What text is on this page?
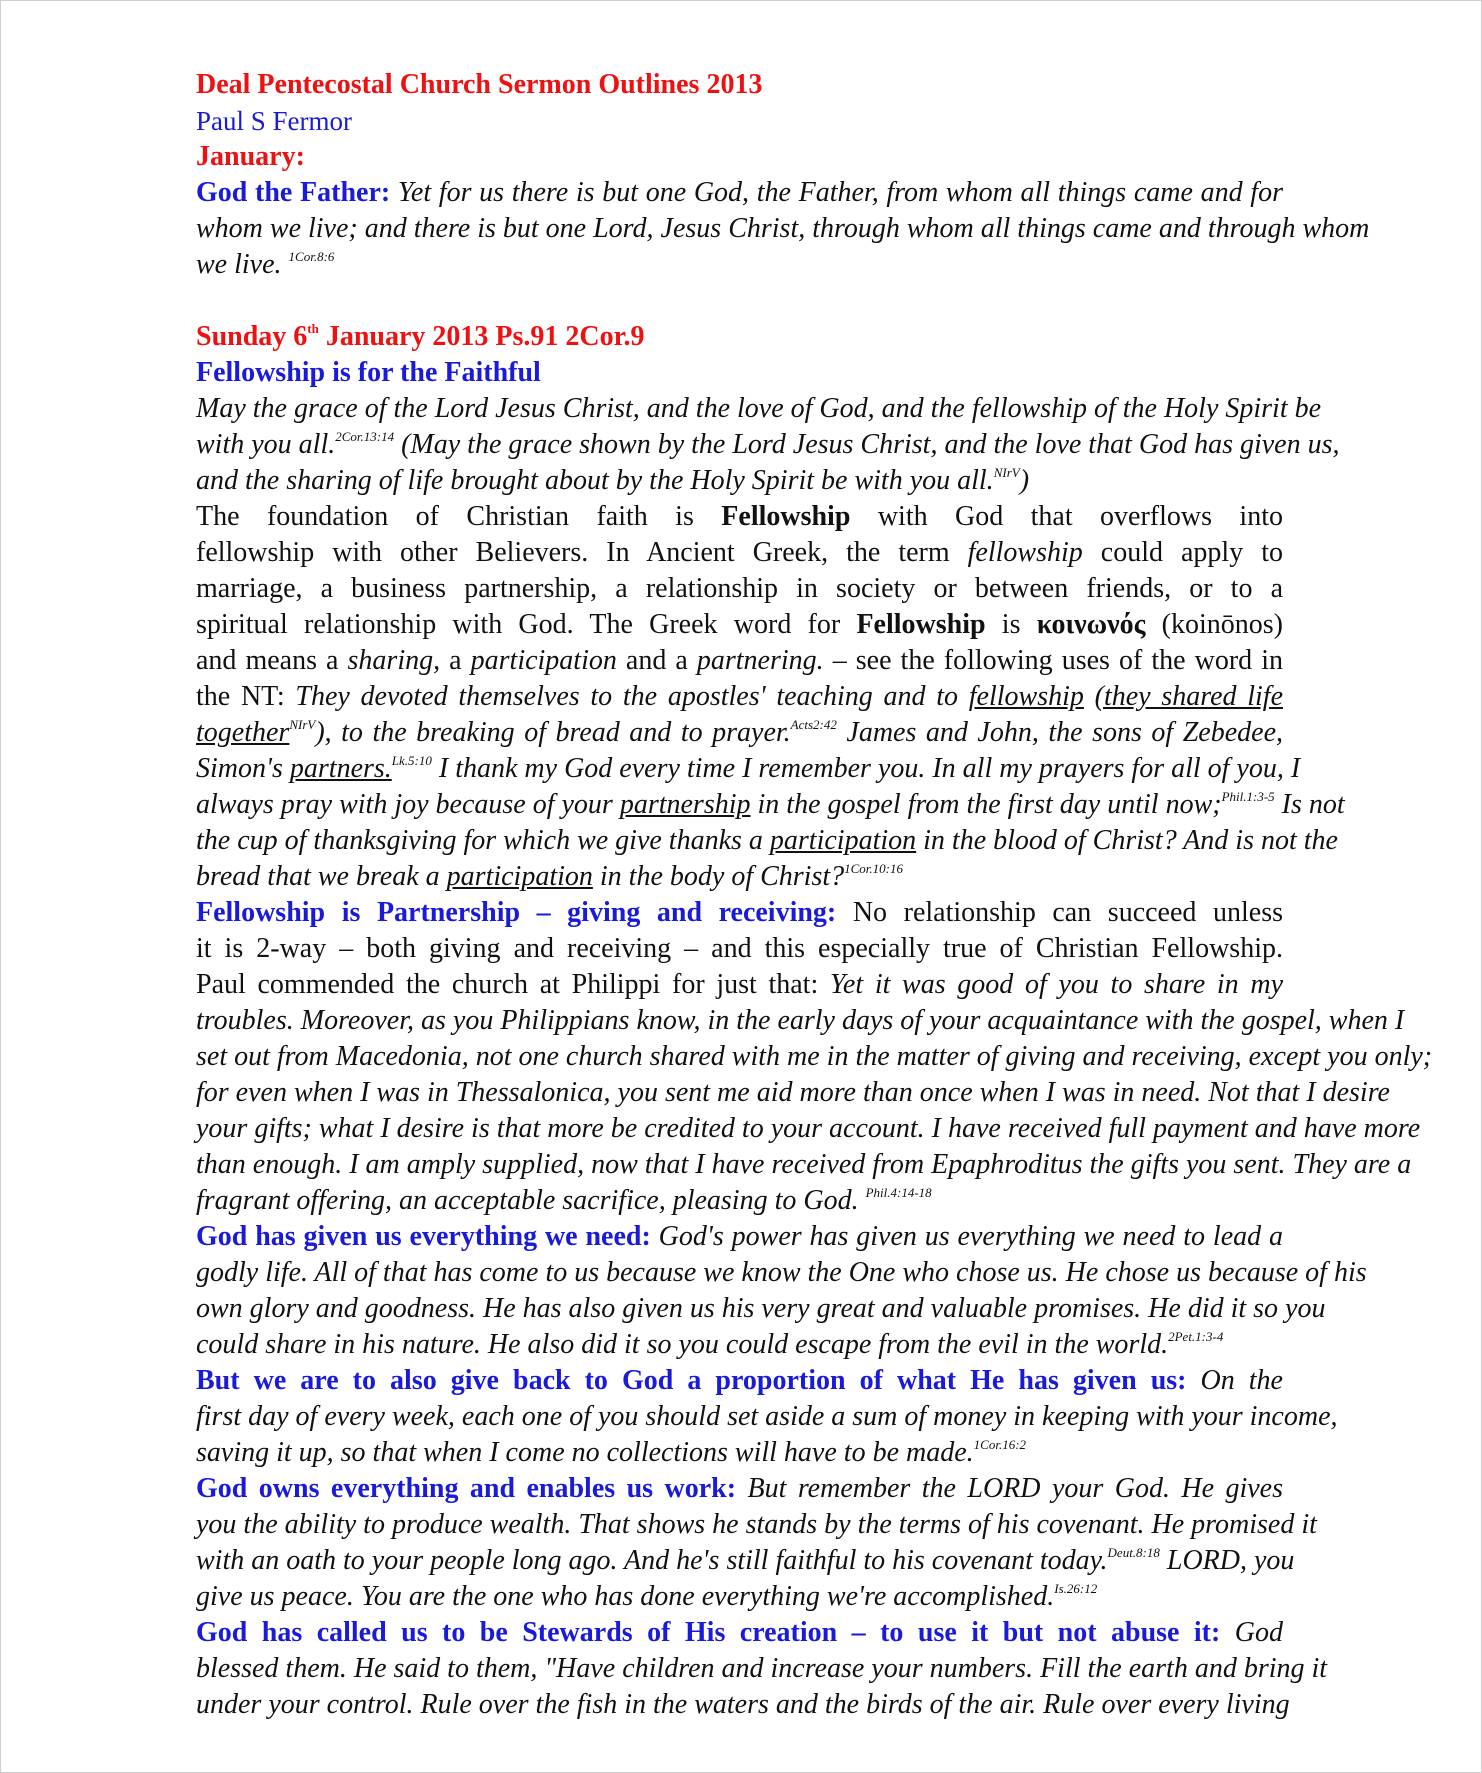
Deal Pentecostal Church Sermon Outlines 2013
Paul S Fermor
January:
God the Father: Yet for us there is but one God, the Father, from whom all things came and for
whom we live; and there is but one Lord, Jesus Christ, through whom all things came and through whom
we live. $^{1Cor.8:6}$
Sunday 6th January 2013 Ps.91 2Cor.9
Fellowship is for the Faithful
May the grace of the Lord Jesus Christ, and the love of God, and the fellowship of the Holy Spirit be
with you all.$^{2Cor.13:14}$ (May the grace shown by the Lord Jesus Christ, and the love that God has given us,
and the sharing of life brought about by the Holy Spirit be with you all.$^{NIrV}$)
The foundation of Christian faith is Fellowship with God that overflows into
fellowship with other Believers. In Ancient Greek, the term fellowship could apply to
marriage, a business partnership, a relationship in society or between friends, or to a
spiritual relationship with God. The Greek word for Fellowship is κοινωνός (koinōnos)
and means a sharing, a participation and a partnering. – see the following uses of the word in
the NT: They devoted themselves to the apostles' teaching and to fellowship (they shared life
together$^{NIrV}$), to the breaking of bread and to prayer.$^{Acts2:42}$ James and John, the sons of Zebedee,
Simon's partners.$^{Lk.5:10}$ I thank my God every time I remember you. In all my prayers for all of you, I
always pray with joy because of your partnership in the gospel from the first day until now;$^{Phil.1:3-5}$ Is not
the cup of thanksgiving for which we give thanks a participation in the blood of Christ? And is not the
bread that we break a participation in the body of Christ?$^{1Cor.10:16}$
Fellowship is Partnership – giving and receiving: No relationship can succeed unless
it is 2-way – both giving and receiving – and this especially true of Christian Fellowship.
Paul commended the church at Philippi for just that: Yet it was good of you to share in my
troubles. Moreover, as you Philippians know, in the early days of your acquaintance with the gospel, when I
set out from Macedonia, not one church shared with me in the matter of giving and receiving, except you only;
for even when I was in Thessalonica, you sent me aid more than once when I was in need. Not that I desire
your gifts; what I desire is that more be credited to your account. I have received full payment and have more
than enough. I am amply supplied, now that I have received from Epaphroditus the gifts you sent. They are a
fragrant offering, an acceptable sacrifice, pleasing to God. $^{Phil.4:14-18}$
God has given us everything we need: God's power has given us everything we need to lead a
godly life. All of that has come to us because we know the One who chose us. He chose us because of his
own glory and goodness. He has also given us his very great and valuable promises. He did it so you
could share in his nature. He also did it so you could escape from the evil in the world.$^{2Pet.1:3-4}$
But we are to also give back to God a proportion of what He has given us: On the
first day of every week, each one of you should set aside a sum of money in keeping with your income,
saving it up, so that when I come no collections will have to be made.$^{1Cor.16:2}$
God owns everything and enables us work: But remember the LORD your God. He gives
you the ability to produce wealth. That shows he stands by the terms of his covenant. He promised it
with an oath to your people long ago. And he's still faithful to his covenant today.$^{Deut.8:18}$ LORD, you
give us peace. You are the one who has done everything we're accomplished.$^{Is.26:12}$
God has called us to be Stewards of His creation – to use it but not abuse it: God
blessed them. He said to them, "Have children and increase your numbers. Fill the earth and bring it
under your control. Rule over the fish in the waters and the birds of the air. Rule over every living
